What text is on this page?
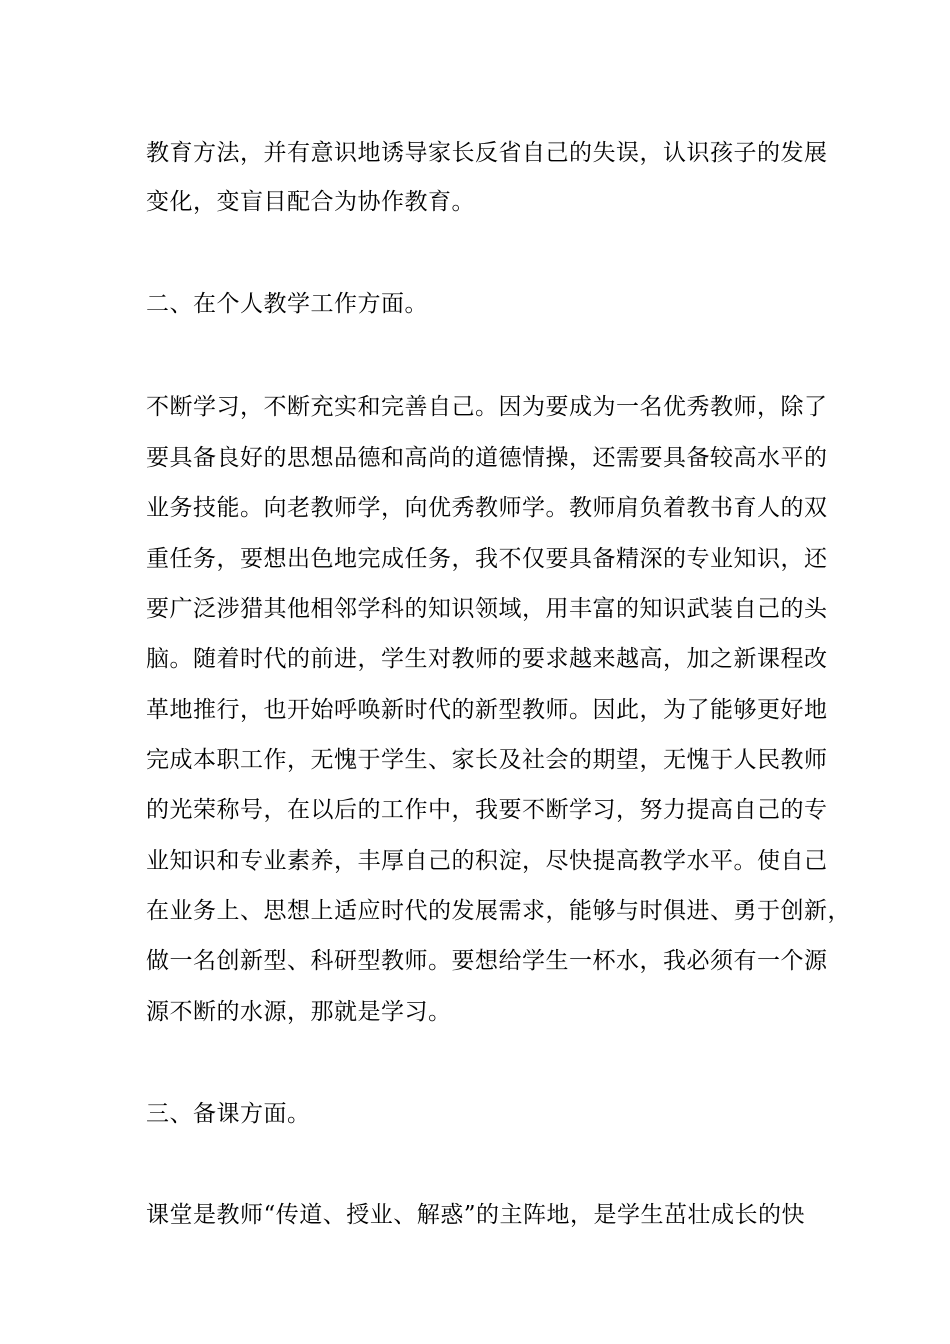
教育方法，并有意识地诱导家长反省自己的失误，认识孩子的发展

变化，变盲目配合为协作教育。

二、在个人教学工作方面。

不断学习，不断充实和完善自己。因为要成为一名优秀教师，除了

要具备良好的思想品德和高尚的道德情操，还需要具备较高水平的

业务技能。向老教师学，向优秀教师学。教师肩负着教书育人的双

重任务，要想出色地完成任务，我不仅要具备精深的专业知识，还

要广泛涉猎其他相邻学科的知识领域，用丰富的知识武装自己的头

脑。随着时代的前进，学生对教师的要求越来越高，加之新课程改

革地推行，也开始呼唤新时代的新型教师。因此，为了能够更好地

完成本职工作，无愧于学生、家长及社会的期望，无愧于人民教师

的光荣称号，在以后的工作中，我要不断学习，努力提高自己的专

业知识和专业素养，丰厚自己的积淀，尽快提高教学水平。使自己

在业务上、思想上适应时代的发展需求，能够与时俱进、勇于创新，

做一名创新型、科研型教师。要想给学生一杯水，我必须有一个源

源不断的水源，那就是学习。

三、备课方面。

课堂是教师“传道、授业、解惑”的主阵地，是学生茁壮成长的快
